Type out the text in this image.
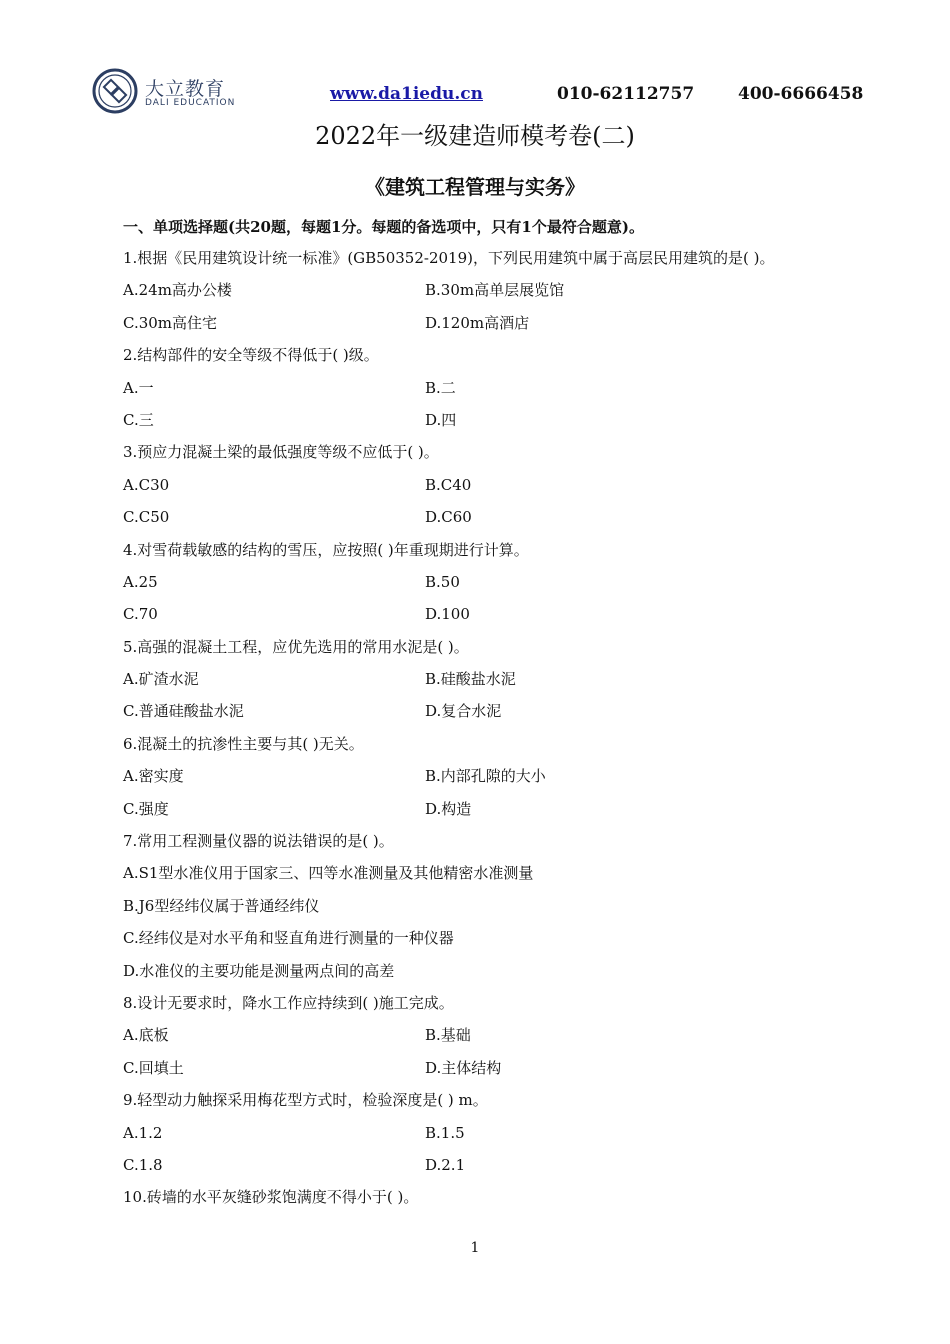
大立教育
DALI EDUCATION	www.da1iedu.cn	010-62112757	400-6666458
2022年一级建造师模考卷(二)
《建筑工程管理与实务》
一、单项选择题(共20题，每题1分。每题的备选项中，只有1个最符合题意)。
1.根据《民用建筑设计统一标准》(GB50352-2019)，下列民用建筑中属于高层民用建筑的是( )。
A.24m高办公楼	B.30m高单层展览馆
C.30m高住宅	D.120m高酒店
2.结构部件的安全等级不得低于( )级。
A.一	B.二
C.三	D.四
3.预应力混凝土梁的最低强度等级不应低于( )。
A.C30	B.C40
C.C50	D.C60
4.对雪荷载敏感的结构的雪压，应按照( )年重现期进行计算。
A.25	B.50
C.70	D.100
5.高强的混凝土工程，应优先选用的常用水泥是( )。
A.矿渣水泥	B.硅酸盐水泥
C.普通硅酸盐水泥	D.复合水泥
6.混凝土的抗渗性主要与其( )无关。
A.密实度	B.内部孔隙的大小
C.强度	D.构造
7.常用工程测量仪器的说法错误的是( )。
A.S1型水准仪用于国家三、四等水准测量及其他精密水准测量
B.J6型经纬仪属于普通经纬仪
C.经纬仪是对水平角和竖直角进行测量的一种仪器
D.水准仪的主要功能是测量两点间的高差
8.设计无要求时，降水工作应持续到( )施工完成。
A.底板	B.基础
C.回填土	D.主体结构
9.轻型动力触探采用梅花型方式时，检验深度是( ) m。
A.1.2	B.1.5
C.1.8	D.2.1
10.砖墙的水平灰缝砂浆饱满度不得小于( )。
1
